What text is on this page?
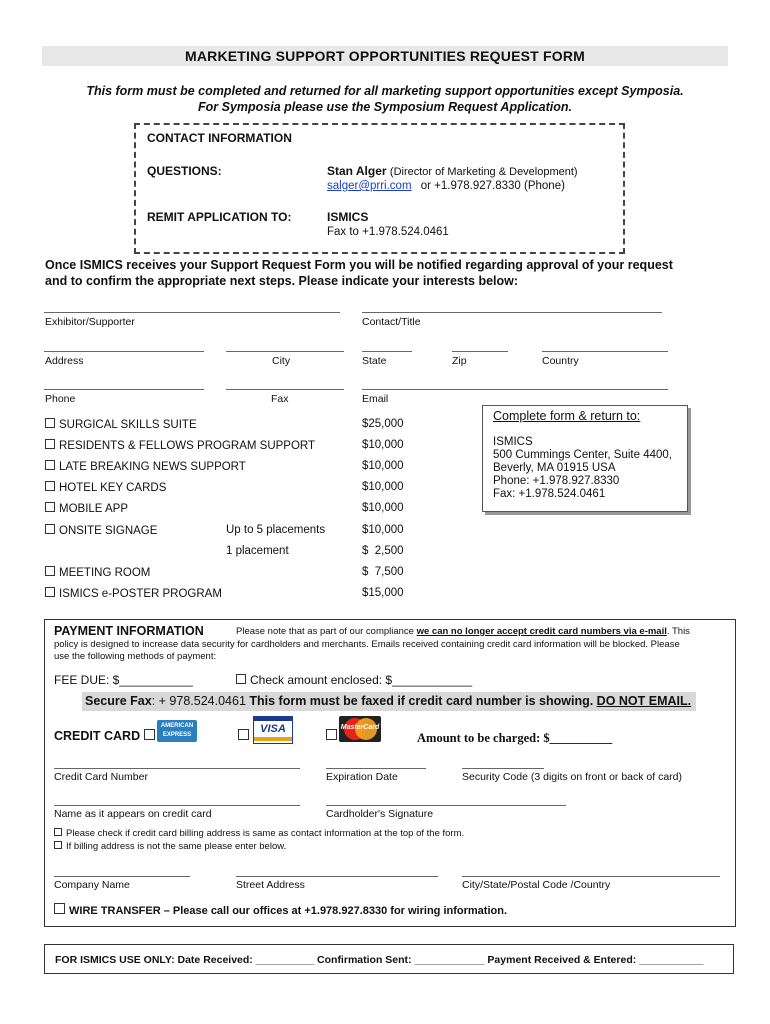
MARKETING SUPPORT OPPORTUNITIES REQUEST FORM
This form must be completed and returned for all marketing support opportunities except Symposia.
For Symposia please use the Symposium Request Application.
CONTACT INFORMATION
QUESTIONS:	Stan Alger (Director of Marketing & Development)
salger@prri.com or +1.978.927.8330 (Phone)
REMIT APPLICATION TO:	ISMICS
Fax to +1.978.524.0461
Once ISMICS receives your Support Request Form you will be notified regarding approval of your request
and to confirm the appropriate next steps. Please indicate your interests below:
Exhibitor/Supporter	Contact/Title
Address	City	State	Zip	Country
Phone	Fax	Email
SURGICAL SKILLS SUITE	$25,000
RESIDENTS & FELLOWS PROGRAM SUPPORT	$10,000
LATE BREAKING NEWS SUPPORT	$10,000
HOTEL KEY CARDS	$10,000
MOBILE APP	$10,000
ONSITE SIGNAGE	Up to 5 placements	$10,000
1 placement	$  2,500
MEETING ROOM	$  7,500
ISMICS e-POSTER PROGRAM	$15,000
Complete form & return to:
ISMICS
500 Cummings Center, Suite 4400,
Beverly, MA 01915 USA
Phone: +1.978.927.8330
Fax: +1.978.524.0461
PAYMENT INFORMATION	Please note that as part of our compliance we can no longer accept credit card numbers via e-mail. This
policy is designed to increase data security for cardholders and merchants. Emails received containing credit card information will be blocked. Please
use the following methods of payment:
FEE DUE: $___________	Check amount enclosed: $____________
Secure Fax: + 978.524.0461 This form must be faxed if credit card number is showing. DO NOT EMAIL.
CREDIT CARD
AMERICAN EXPRESS	VISA	MasterCard
Amount to be charged: $__________
Credit Card Number	Expiration Date	Security Code (3 digits on front or back of card)
Name as it appears on credit card	Cardholder's Signature
Please check if credit card billing address is same as contact information at the top of the form.
If billing address is not the same please enter below.
Company Name	Street Address	City/State/Postal Code /Country
WIRE TRANSFER – Please call our offices at +1.978.927.8330 for wiring information.
FOR ISMICS USE ONLY: Date Received: __________ Confirmation Sent: ____________ Payment Received & Entered: ___________
